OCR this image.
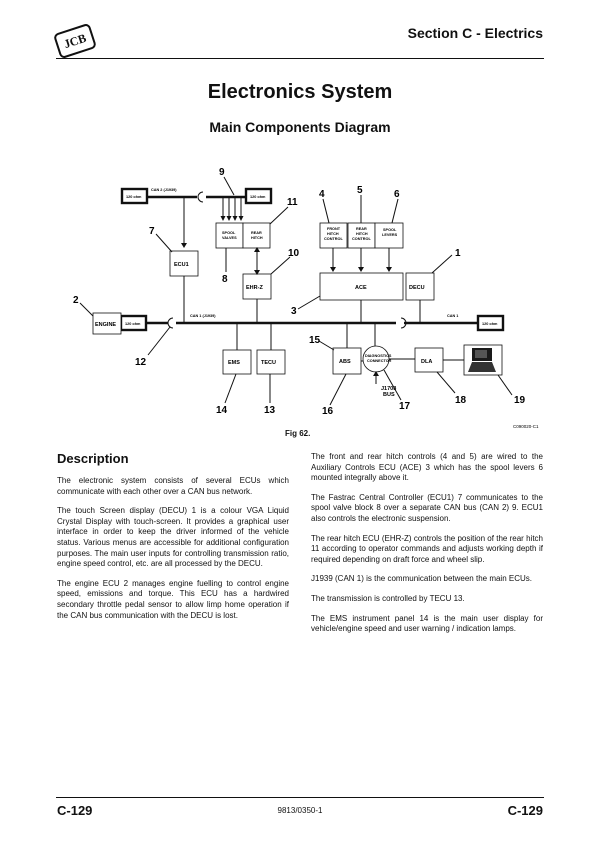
JCB	Section C - Electrics
Electronics System
Main Components Diagram
120 ohm	120 ohm
CAN 2 (J1939)
SPOOL
VALVES
REAR
HITCH
ECU1
EHR-Z
FRONT
HITCH
CONTROL
REAR
HITCH
CONTROL
SPOOL
LEVERS
ACE	DECU
CAN 1 (J1939)	CAN 1
120 ohm	120 ohm
ENGINE
EMS	TECU	ABS
DIAGNOSTICS
CONNECTOR
J1708
BUS
DLA
1
2
3
4	5	6
7
8
9
10
11
12
13
14
15
16	17
18	19
C090020-C1
Fig 62.
Description

The electronic system consists of several ECUs which communicate with each other over a CAN bus network.

The touch Screen display (DECU) 1 is a colour VGA Liquid Crystal Display with touch-screen. It provides a graphical user interface in order to keep the driver informed of the vehicle status. Various menus are accessible for additional configuration purposes. The main user inputs for controlling transmission ratio, engine speed control, etc. are all processed by the DECU.

The engine ECU 2 manages engine fuelling to control engine speed, emissions and torque. This ECU has a hardwired secondary throttle pedal sensor to allow limp home operation if the CAN bus communication with the DECU is lost.

The front and rear hitch controls (4 and 5) are wired to the Auxiliary Controls ECU (ACE) 3 which has the spool levers 6 mounted integrally above it.

The Fastrac Central Controller (ECU1) 7 communicates to the spool valve block 8 over a separate CAN bus (CAN 2) 9. ECU1 also controls the electronic suspension.

The rear hitch ECU (EHR-Z) controls the position of the rear hitch 11 according to operator commands and adjusts working depth if required depending on draft force and wheel slip.

J1939 (CAN 1) is the communication between the main ECUs.

The transmission is controlled by TECU 13.

The EMS instrument panel 14 is the main user display for vehicle/engine speed and user warning / indication lamps.

C-129	9813/0350-1	C-129
